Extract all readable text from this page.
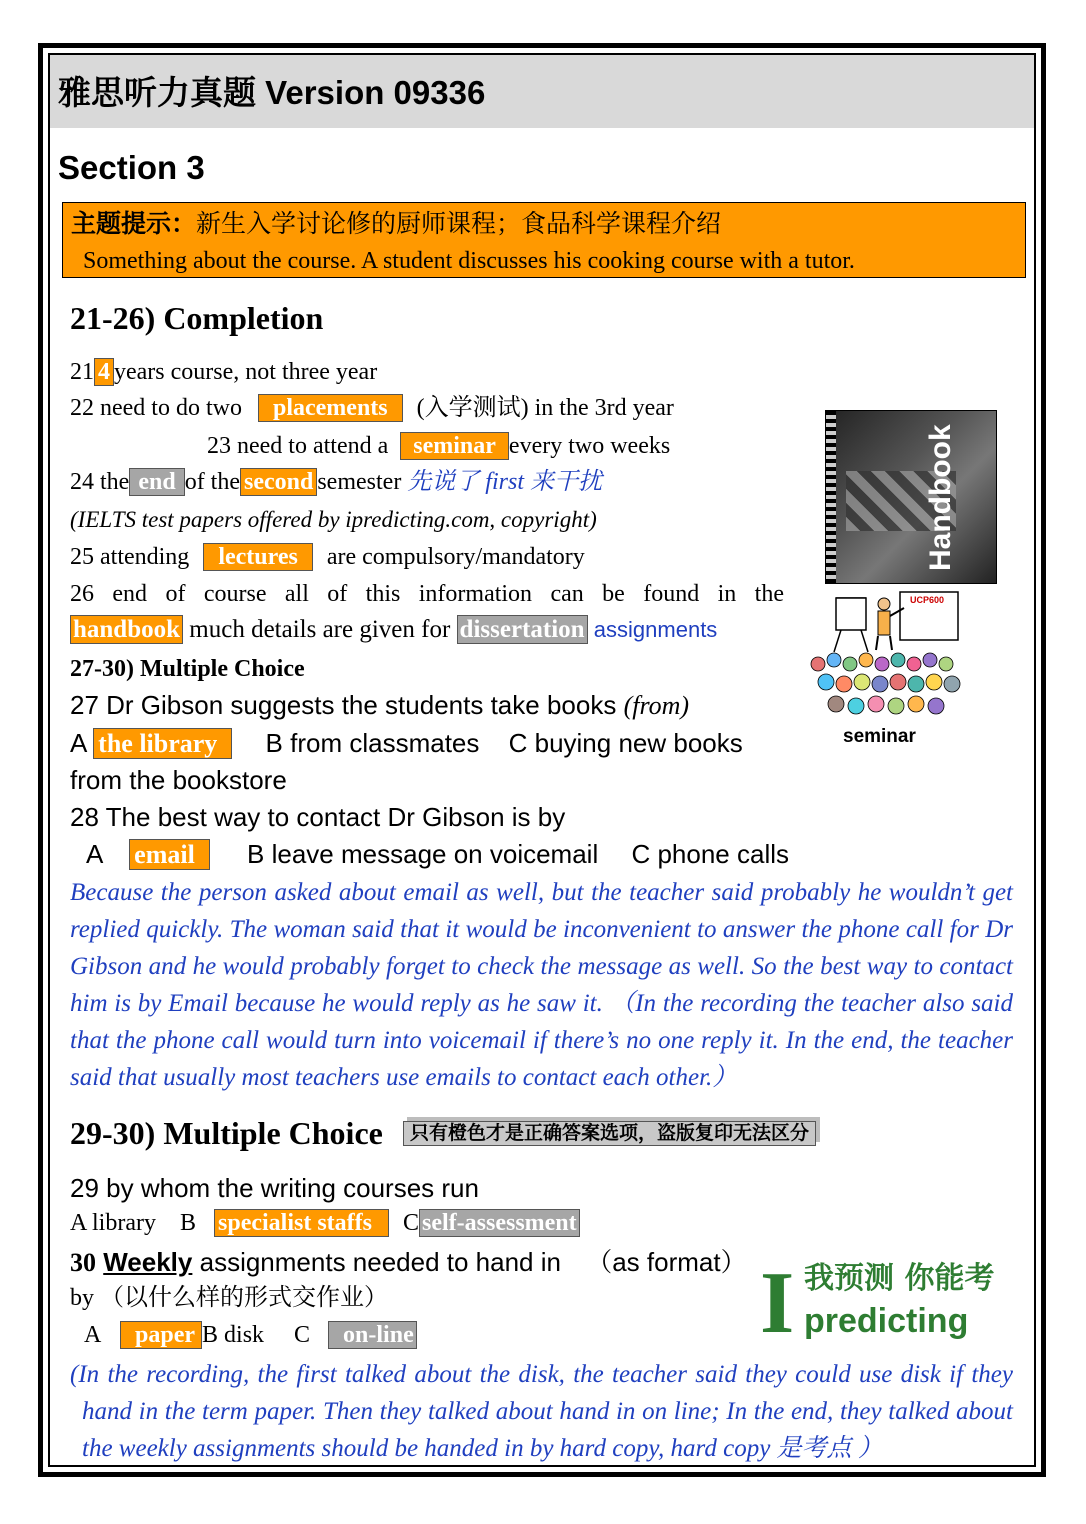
雅思听力真题 Version 09336
Section 3
主题提示：新生入学讨论修的厨师课程；食品科学课程介绍
Something about the course. A student discusses his cooking course with a tutor.
21-26) Completion
21 4 years course, not three year
22 need to do two placements (入学测试) in the 3rd year
23 need to attend a seminar every two weeks
24 the end of the second semester 先说了 first 来干扰
(IELTS test papers offered by ipredicting.com, copyright)
25 attending lectures are compulsory/mandatory
26 end of course all of this information can be found in the
handbook much details are given for dissertation assignments
27-30) Multiple Choice
27 Dr Gibson suggests the students take books (from)
A the library B from classmates C buying new books
from the bookstore
28 The best way to contact Dr Gibson is by
A email B leave message on voicemail C phone calls
Because the person asked about email as well, but the teacher said probably he wouldn’t get
replied quickly. The woman said that it would be inconvenient to answer the phone call for Dr
Gibson and he would probably forget to check the message as well. So the best way to contact
him is by Email because he would reply as he saw it. （In the recording the teacher also said
that the phone call would turn into voicemail if there’s no one reply it. In the end, the teacher
said that usually most teachers use emails to contact each other.）
29-30) Multiple Choice	只有橙色才是正确答案选项，盗版复印无法区分
29 by whom the writing courses run
A library B specialist staffs C self-assessment
30 Weekly assignments needed to hand in （as format）
by （以什么样的形式交作业）
A paper B disk C on-line
(In the recording, the first talked about the disk, the teacher said they could use disk if they
hand in the term paper. Then they talked about hand in on line; In the end, they talked about
the weekly assignments should be handed in by hard copy, hard copy 是考点 ）
Handbook
UCP600
seminar
I 我预测 你能考
predicting
